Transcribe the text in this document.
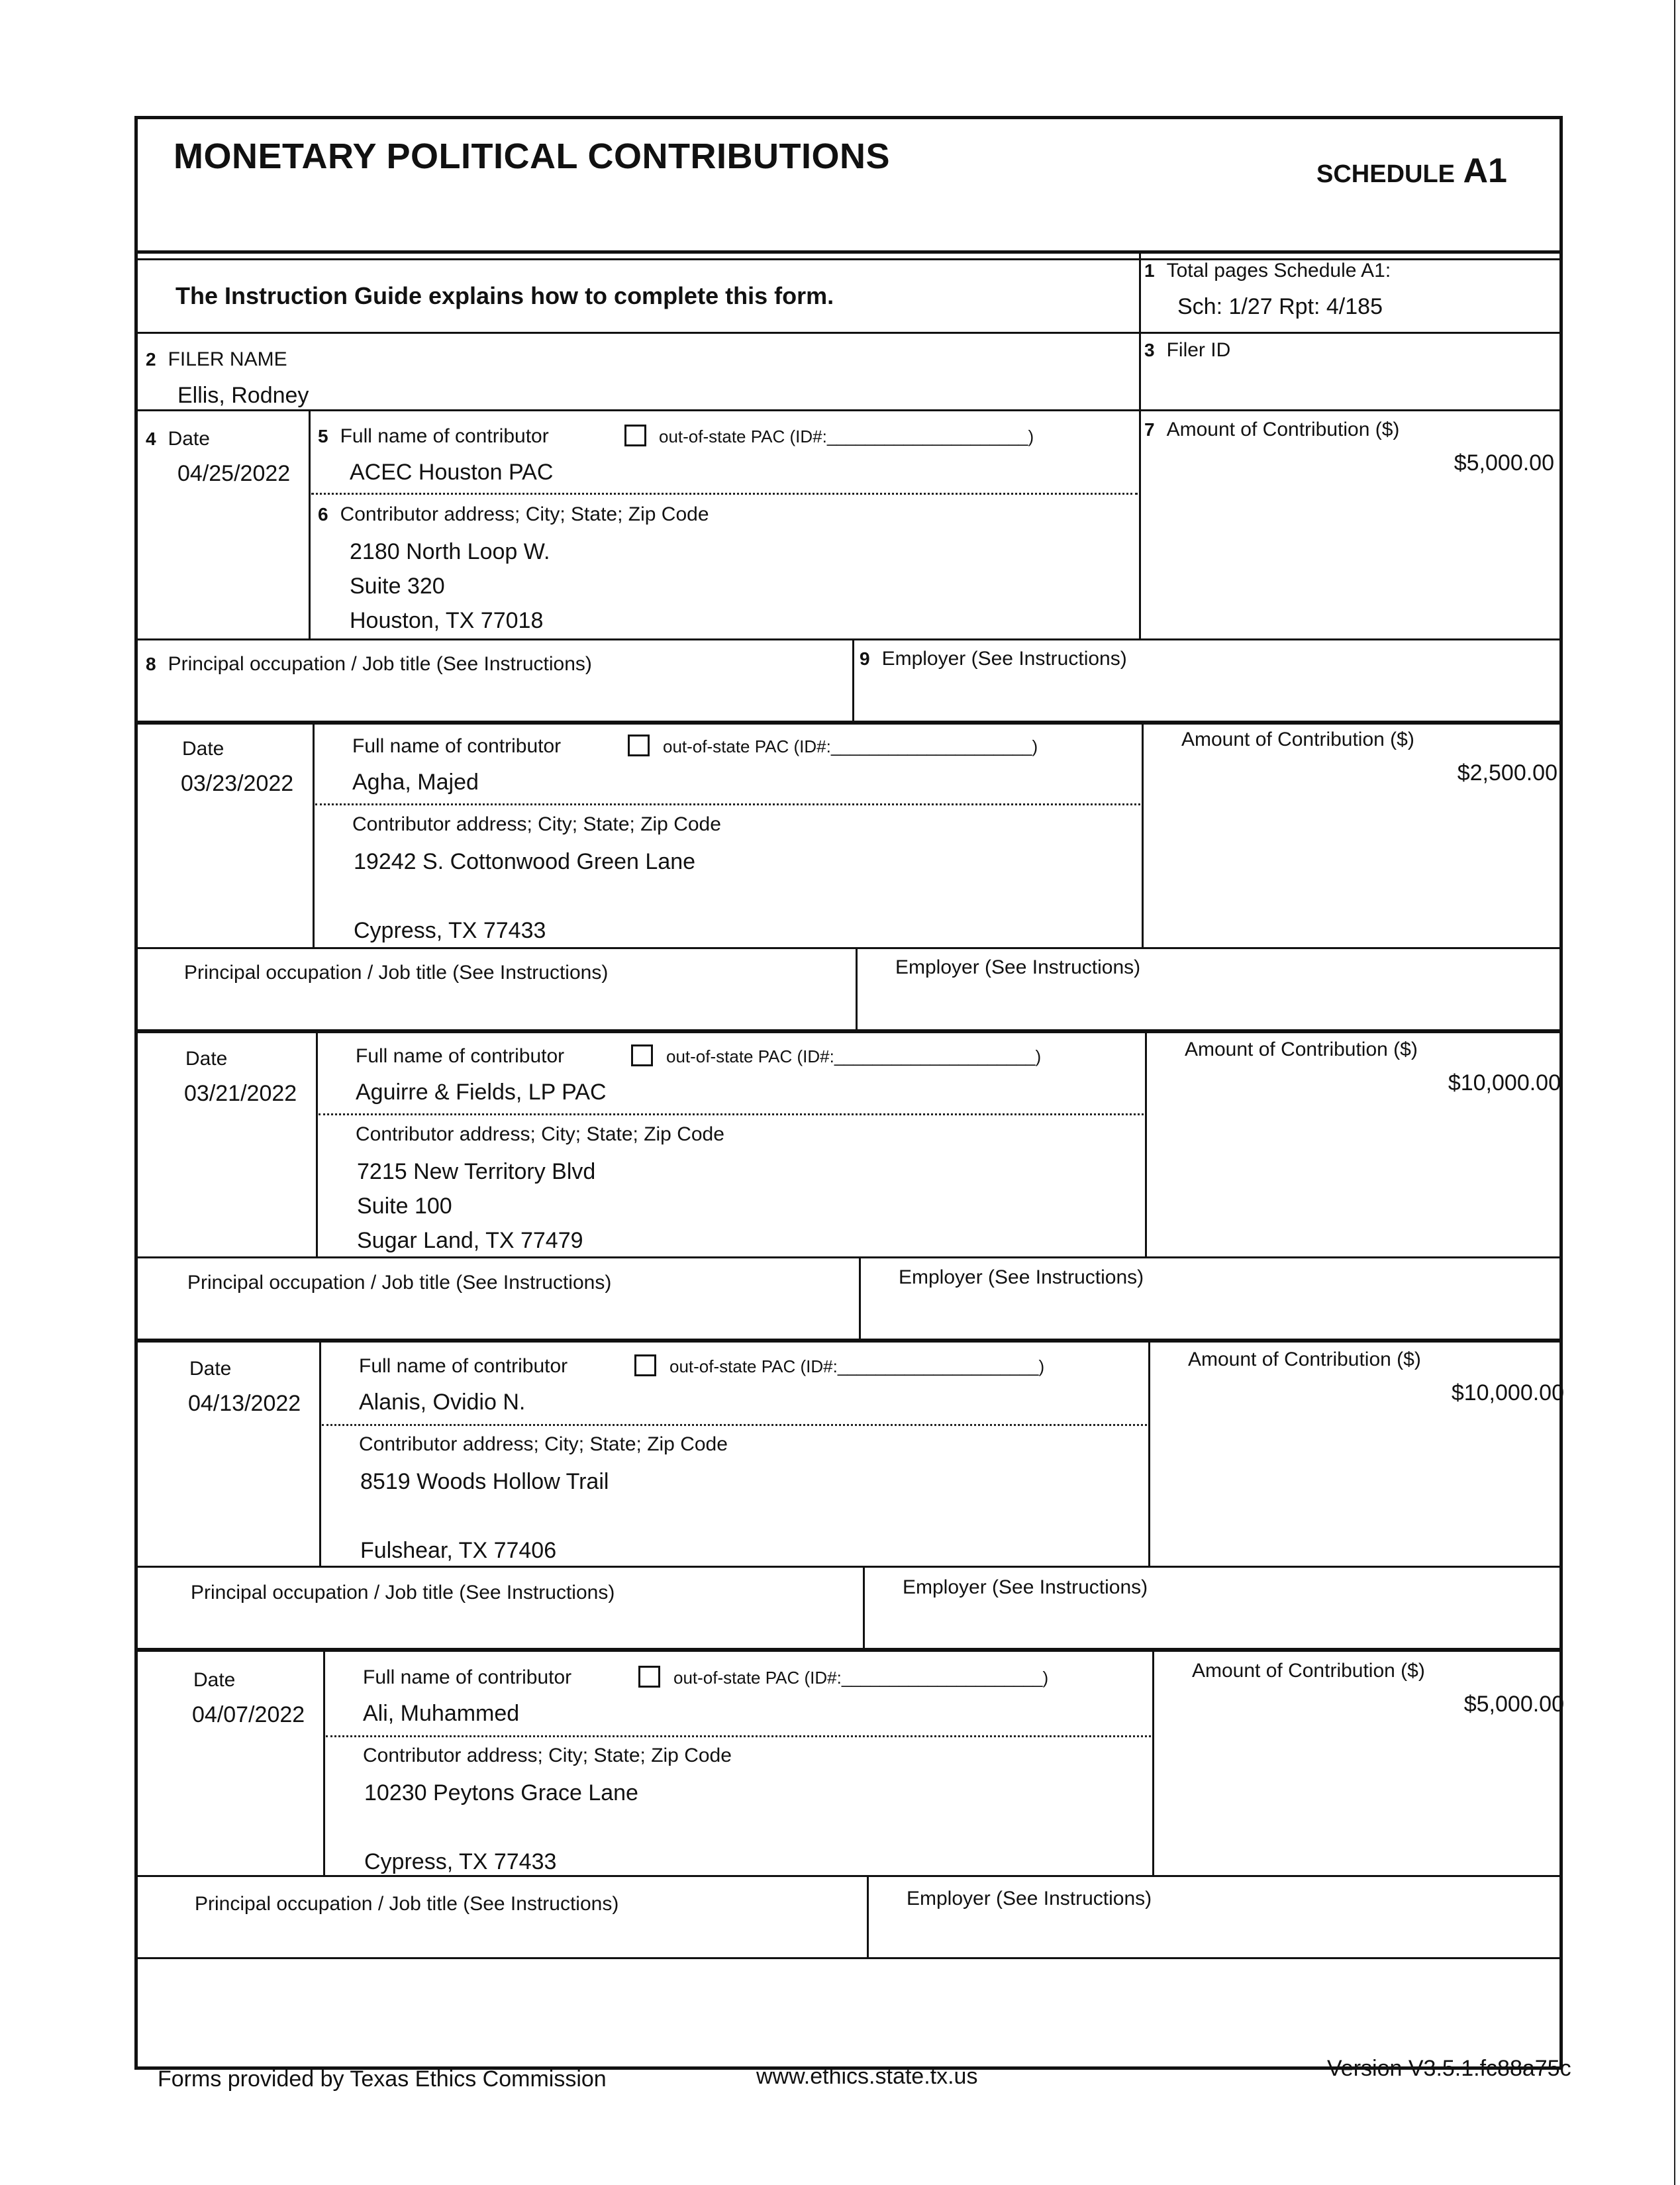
MONETARY POLITICAL CONTRIBUTIONS	SCHEDULE A1
The Instruction Guide explains how to complete this form.
1 Total pages Schedule A1:
Sch: 1/27 Rpt: 4/185
2 FILER NAME
Ellis, Rodney
3 Filer ID
4 Date
04/25/2022
5 Full name of contributor	out-of-state PAC (ID#:_____________________)
ACEC Houston PAC
6 Contributor address; City; State; Zip Code
2180 North Loop W.
Suite 320
Houston, TX 77018
7 Amount of Contribution ($)
$5,000.00
8 Principal occupation / Job title (See Instructions)	9 Employer (See Instructions)
Date
03/23/2022
Full name of contributor	out-of-state PAC (ID#:_____________________)
Agha, Majed
Contributor address; City; State; Zip Code
19242 S. Cottonwood Green Lane
Cypress, TX 77433
Amount of Contribution ($)
$2,500.00
Principal occupation / Job title (See Instructions)	Employer (See Instructions)
Date
03/21/2022
Full name of contributor	out-of-state PAC (ID#:_____________________)
Aguirre & Fields, LP PAC
Contributor address; City; State; Zip Code
7215 New Territory Blvd
Suite 100
Sugar Land, TX 77479
Amount of Contribution ($)
$10,000.00
Principal occupation / Job title (See Instructions)	Employer (See Instructions)
Date
04/13/2022
Full name of contributor	out-of-state PAC (ID#:_____________________)
Alanis, Ovidio N.
Contributor address; City; State; Zip Code
8519 Woods Hollow Trail
Fulshear, TX 77406
Amount of Contribution ($)
$10,000.00
Principal occupation / Job title (See Instructions)	Employer (See Instructions)
Date
04/07/2022
Full name of contributor	out-of-state PAC (ID#:_____________________)
Ali, Muhammed
Contributor address; City; State; Zip Code
10230 Peytons Grace Lane
Cypress, TX 77433
Amount of Contribution ($)
$5,000.00
Principal occupation / Job title (See Instructions)	Employer (See Instructions)
Forms provided by Texas Ethics Commission	www.ethics.state.tx.us	Version V3.5.1.fc88a75c
